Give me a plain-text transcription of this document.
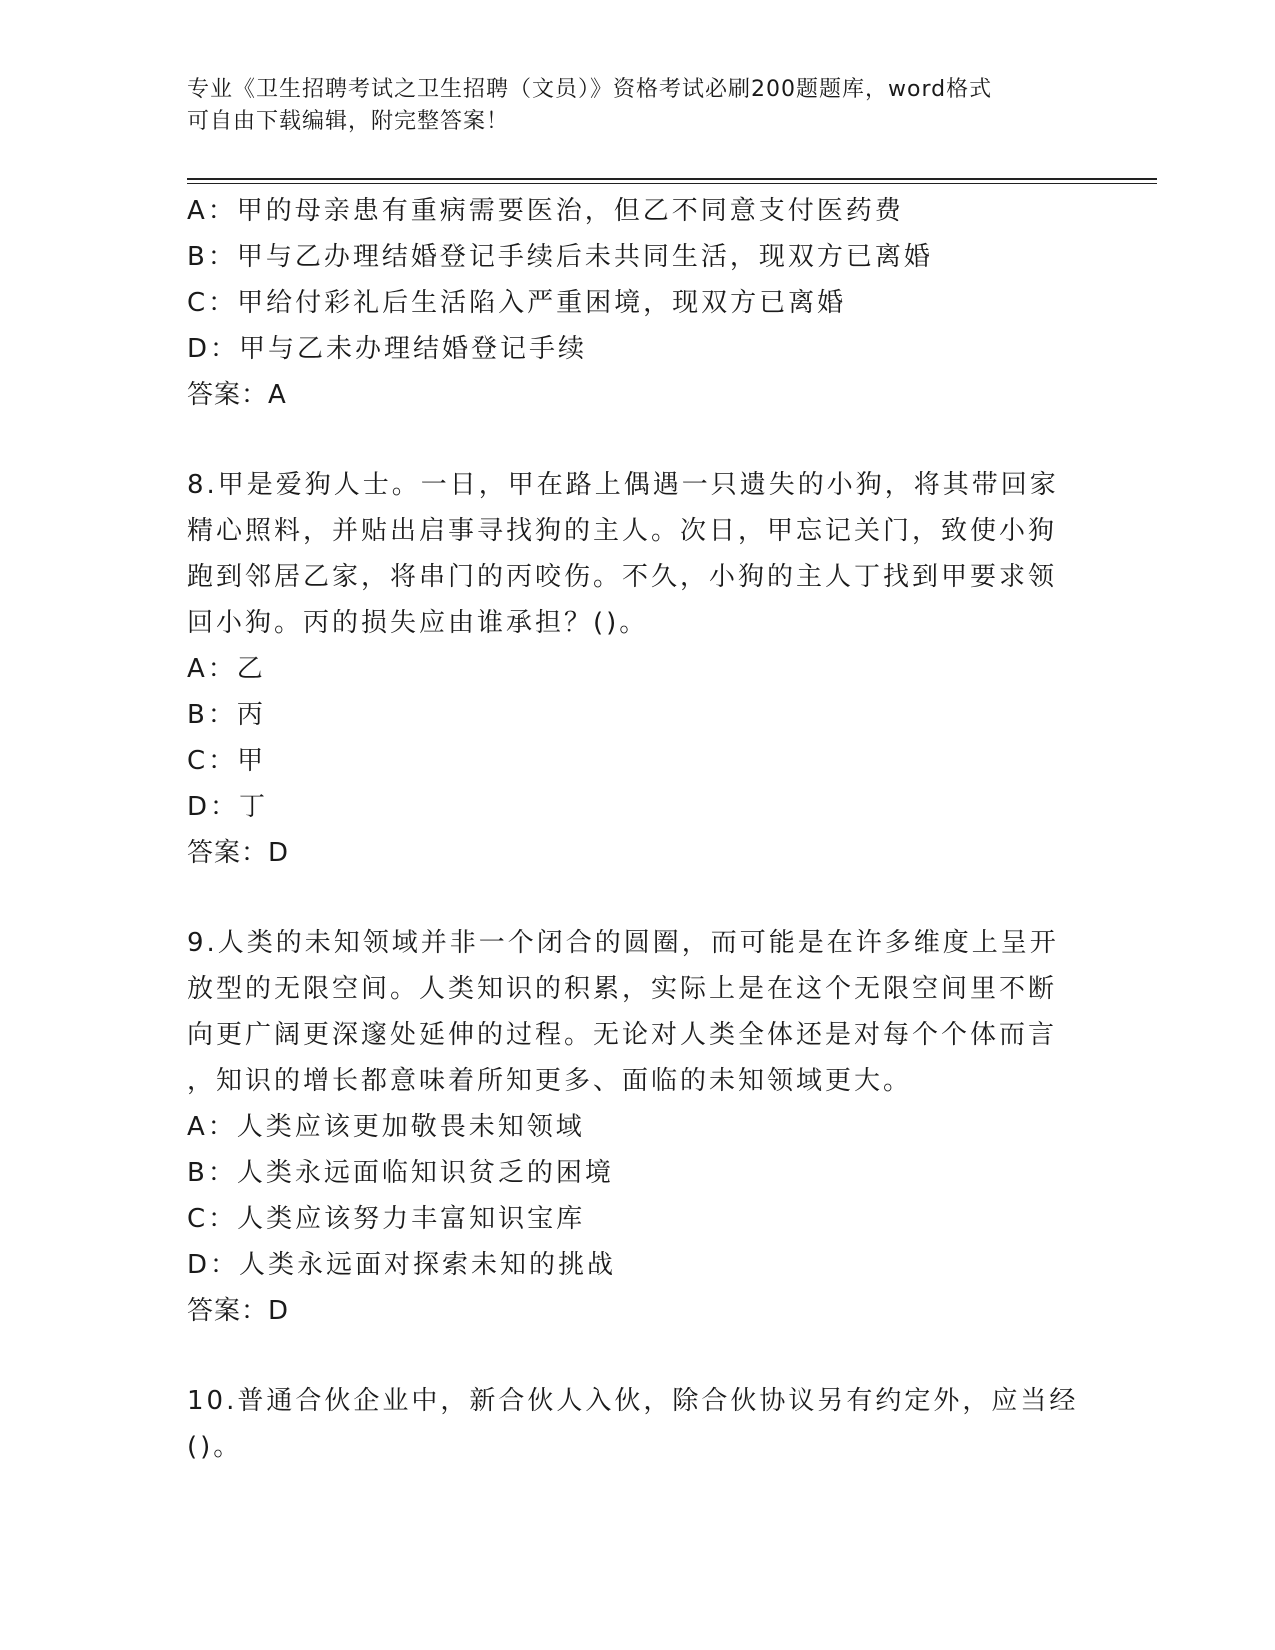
专业《卫生招聘考试之卫生招聘（文员）》资格考试必刷200题题库，word格式
可自由下载编辑，附完整答案！
A：甲的母亲患有重病需要医治，但乙不同意支付医药费
B：甲与乙办理结婚登记手续后未共同生活，现双方已离婚
C：甲给付彩礼后生活陷入严重困境，现双方已离婚
D：甲与乙未办理结婚登记手续
答案：A
8.甲是爱狗人士。一日，甲在路上偶遇一只遗失的小狗，将其带回家
精心照料，并贴出启事寻找狗的主人。次日，甲忘记关门，致使小狗
跑到邻居乙家，将串门的丙咬伤。不久，小狗的主人丁找到甲要求领
回小狗。丙的损失应由谁承担？()。
A：乙
B：丙
C：甲
D：丁
答案：D
9.人类的未知领域并非一个闭合的圆圈，而可能是在许多维度上呈开
放型的无限空间。人类知识的积累，实际上是在这个无限空间里不断
向更广阔更深邃处延伸的过程。无论对人类全体还是对每个个体而言
，知识的增长都意味着所知更多、面临的未知领域更大。
A：人类应该更加敬畏未知领域
B：人类永远面临知识贫乏的困境
C：人类应该努力丰富知识宝库
D：人类永远面对探索未知的挑战
答案：D
10.普通合伙企业中，新合伙人入伙，除合伙协议另有约定外，应当经
()。
